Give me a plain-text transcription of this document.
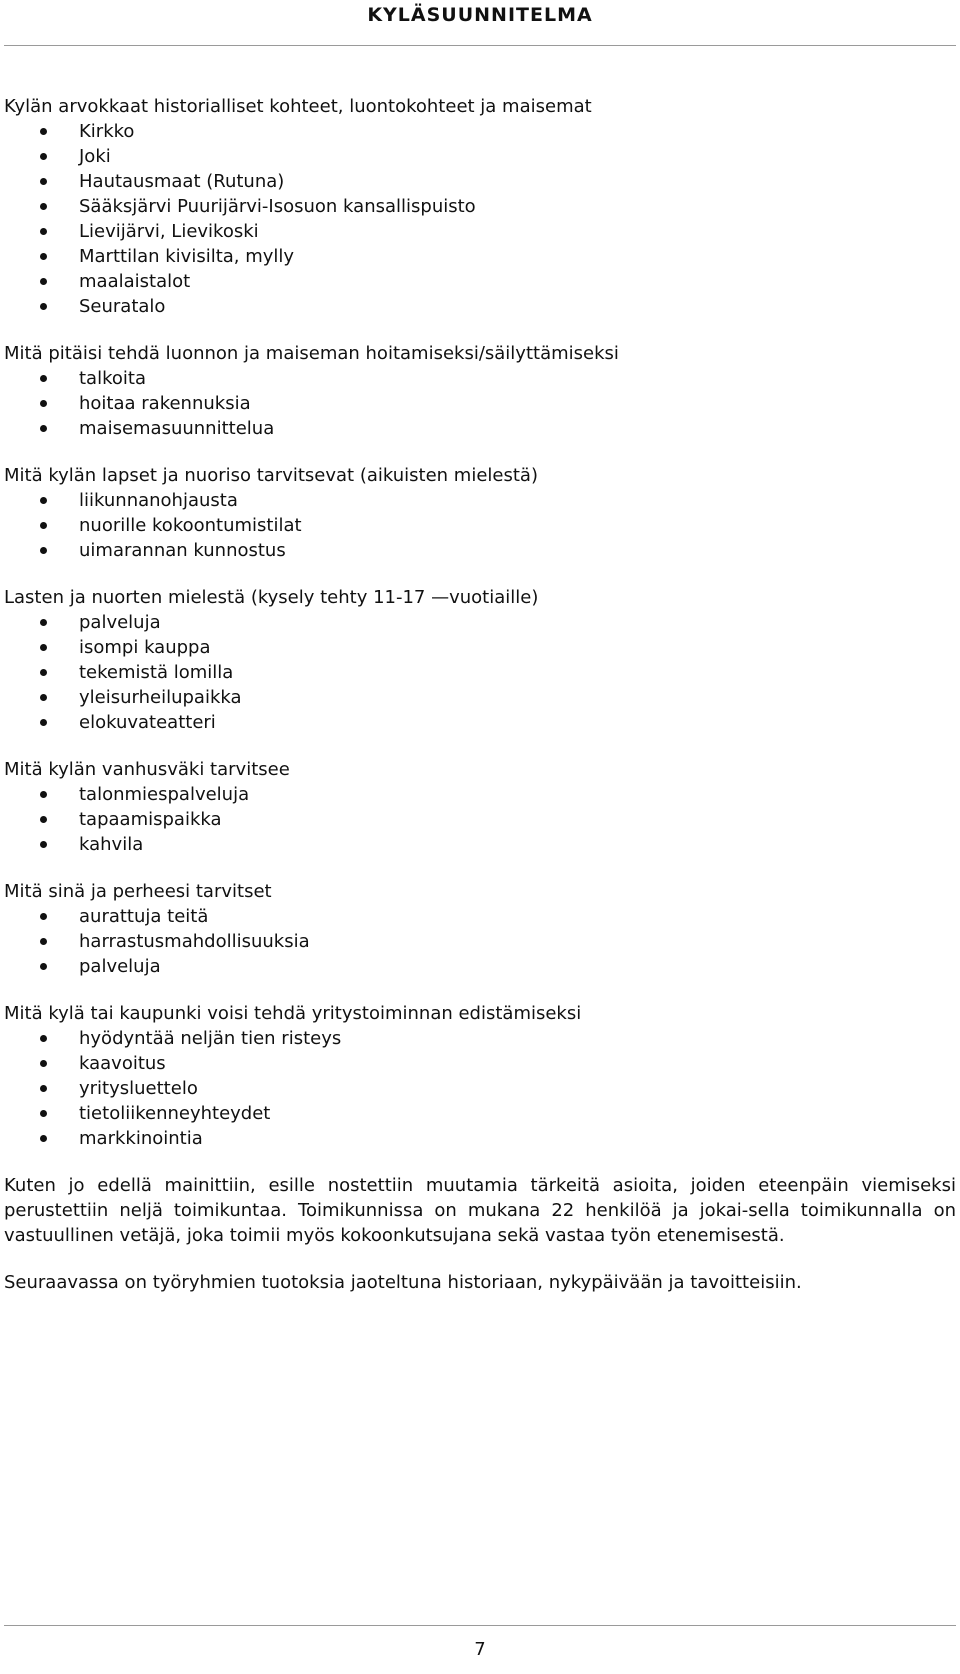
KYLÄSUUNNITELMA

Kylän arvokkaat historialliset kohteet, luontokohteet ja maisemat

Kirkko
Joki
Hautausmaat (Rutuna)
Sääksjärvi Puurijärvi-Isosuon kansallispuisto
Lievijärvi, Lievikoski
Marttilan kivisilta, mylly
maalaistalot
Seuratalo

Mitä pitäisi tehdä luonnon ja maiseman hoitamiseksi/säilyttämiseksi

talkoita
hoitaa rakennuksia
maisemasuunnittelua

Mitä kylän lapset ja nuoriso tarvitsevat (aikuisten mielestä)

liikunnanohjausta
nuorille kokoontumistilat
uimarannan kunnostus

Lasten ja nuorten mielestä (kysely tehty 11-17 —vuotiaille)

palveluja
isompi kauppa
tekemistä lomilla
yleisurheilupaikka
elokuvateatteri

Mitä kylän vanhusväki tarvitsee

talonmiespalveluja
tapaamispaikka
kahvila

Mitä sinä ja perheesi tarvitset

aurattuja teitä
harrastusmahdollisuuksia
palveluja

Mitä kylä tai kaupunki voisi tehdä yritystoiminnan edistämiseksi

hyödyntää neljän tien risteys
kaavoitus
yritysluettelo
tietoliikenneyhteydet
markkinointia

Kuten jo edellä mainittiin, esille nostettiin muutamia tärkeitä asioita, joiden eteenpäin viemiseksi perustettiin neljä toimikuntaa. Toimikunnissa on mukana 22 henkilöä ja jokai-sella toimikunnalla on vastuullinen vetäjä, joka toimii myös kokoonkutsujana sekä vastaa työn etenemisestä.

Seuraavassa on työryhmien tuotoksia jaoteltuna historiaan, nykypäivään ja tavoitteisiin.

7
